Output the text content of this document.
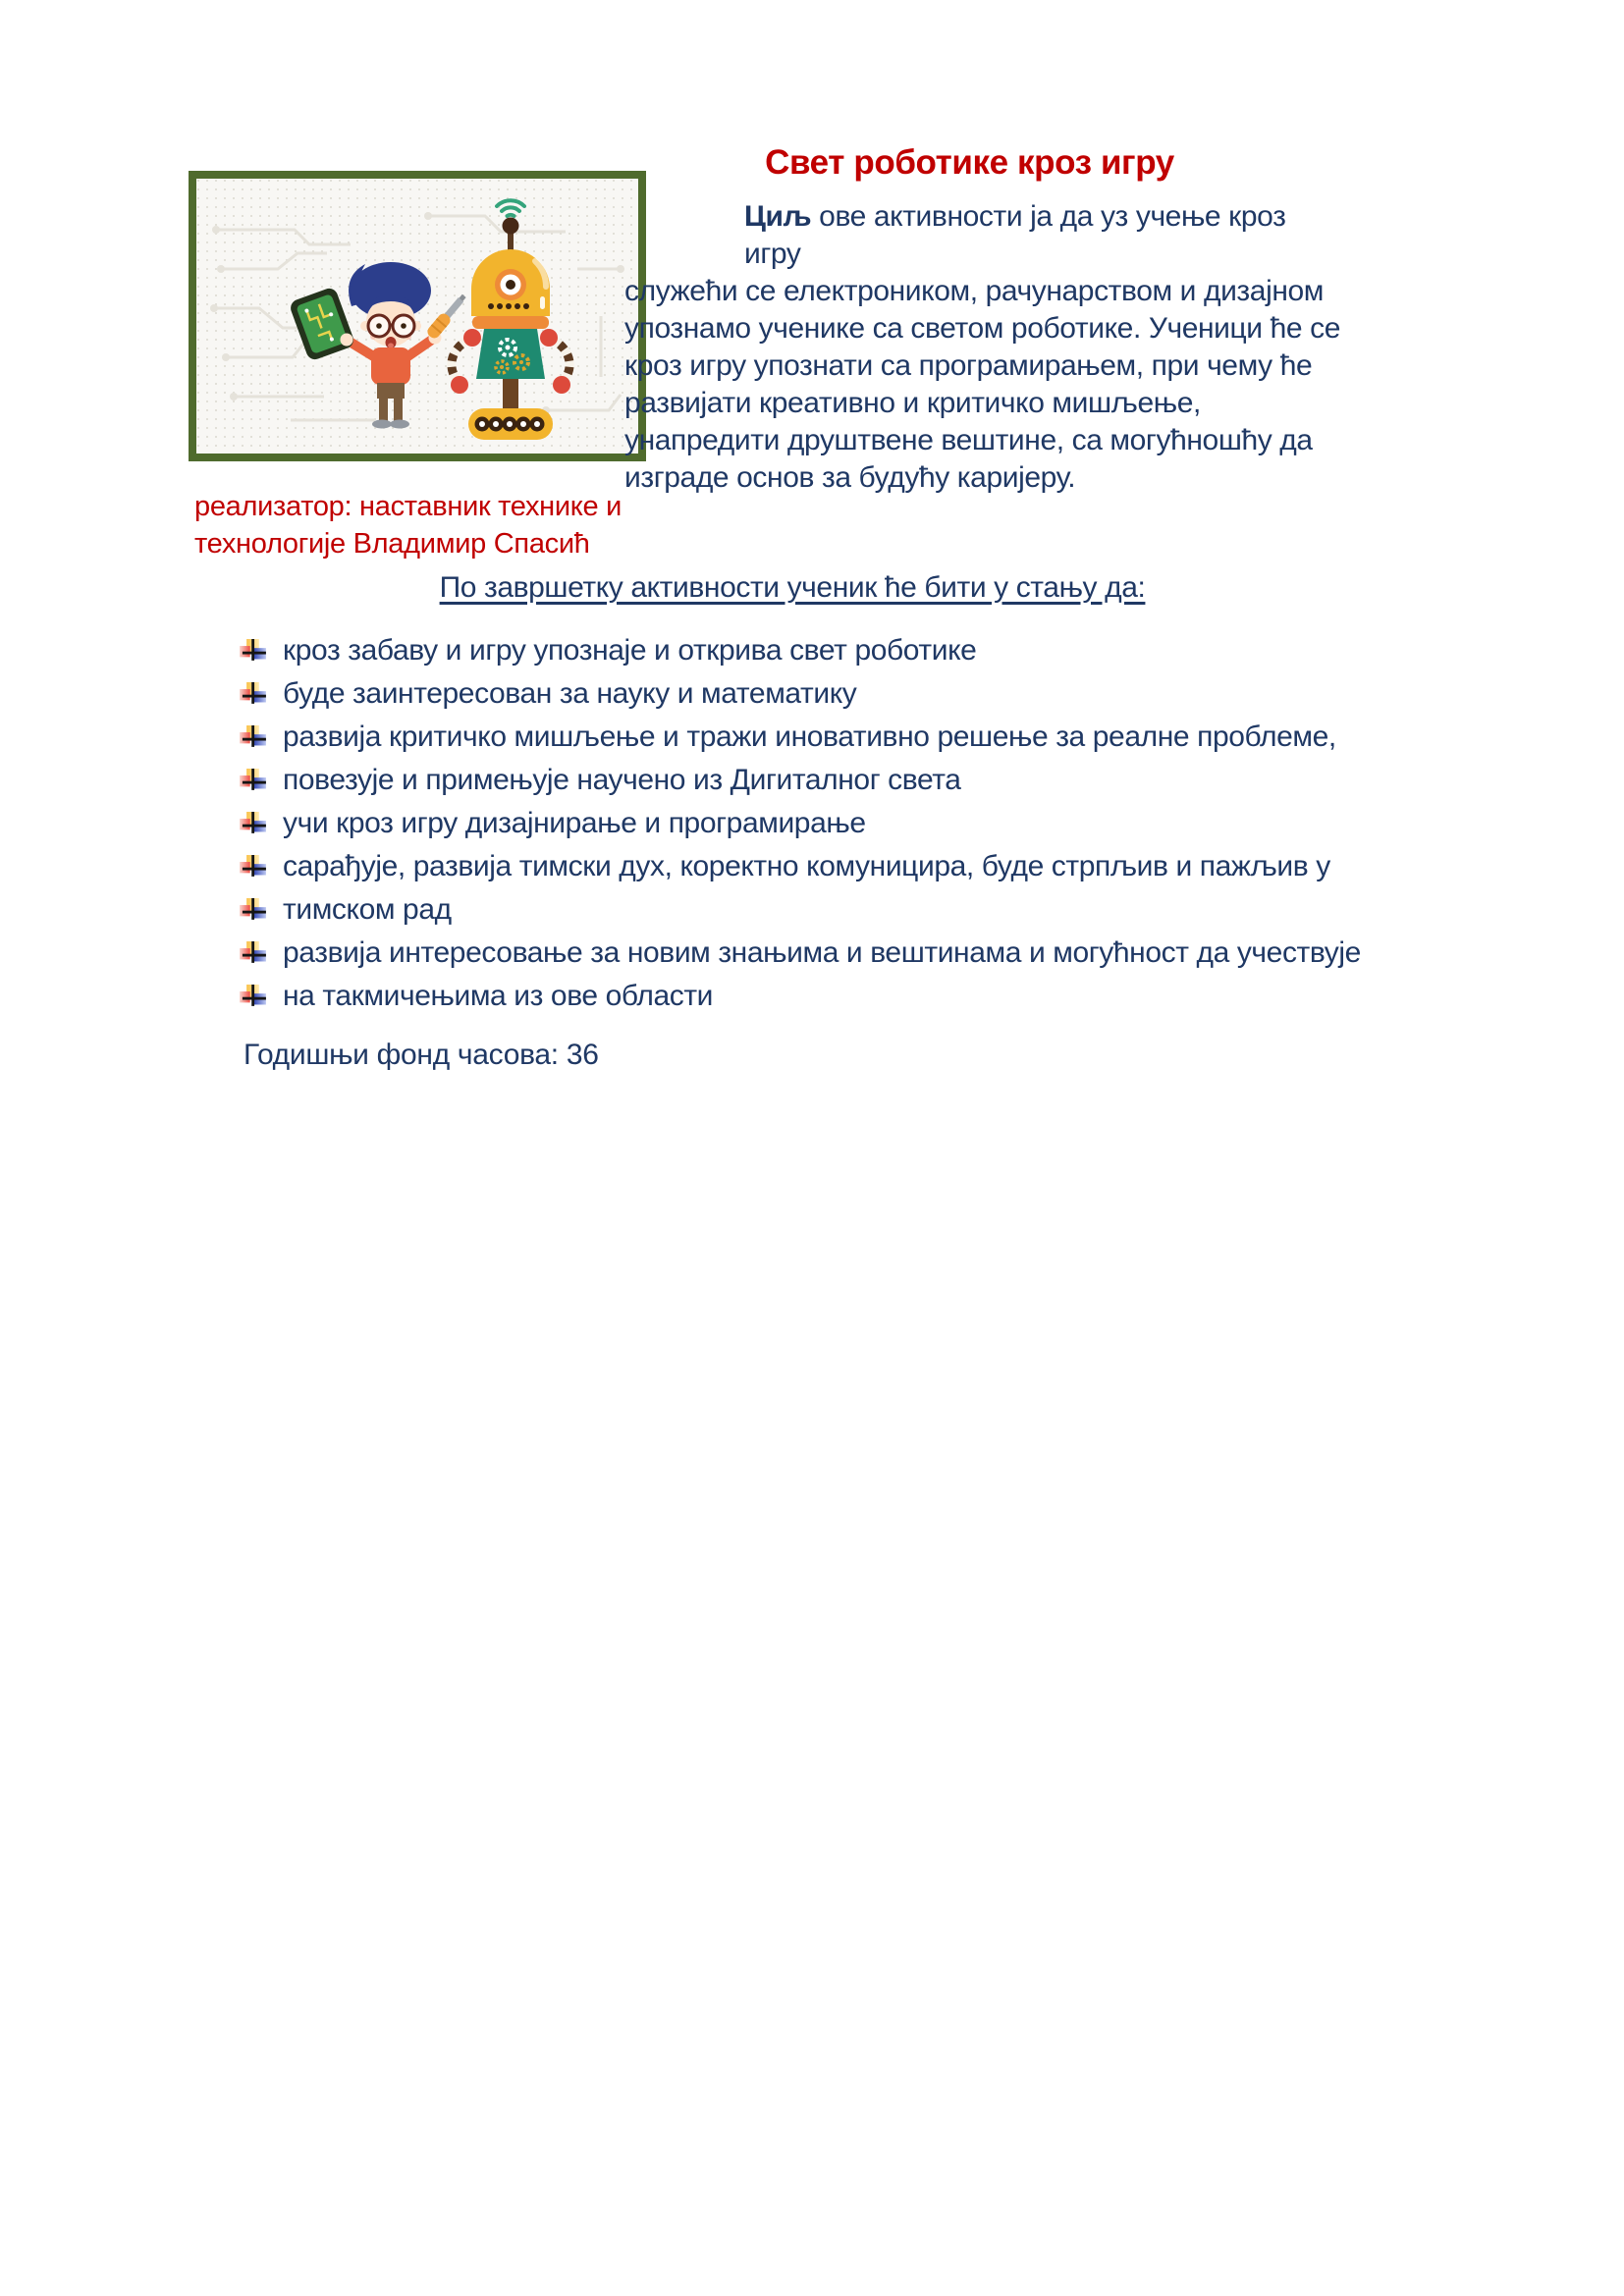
Свет роботике кроз игру
Циљ ове активности ја да уз учење кроз игру
служећи се електроником, рачунарством и дизајном
упознамо ученике са светом роботике. Ученици ће се
кроз игру упознати са програмирањем, при чему ће
развијати креативно и критичко мишљење,
унапредити друштвене вештине, са могућношћу да
изграде основ за будућу каријеру.
реализатор: наставник технике и
технологије Владимир Спасић
По завршетку активности ученик ће бити у стању да:
кроз забаву и игру упознаје и открива свет роботике
буде заинтересован за науку и математику
развија критичко мишљење и тражи иновативно решење за реалне проблеме,
повезује и примењује научено из Дигиталног света
учи кроз игру дизајнирање и програмирање
сарађује, развија тимски дух, коректно комуницира, буде стрпљив и пажљив у
тимском рад
развија интересовање за новим знањима и вештинама и могућност да учествује
на такмичењима из ове области
Годишњи фонд часова: 36
